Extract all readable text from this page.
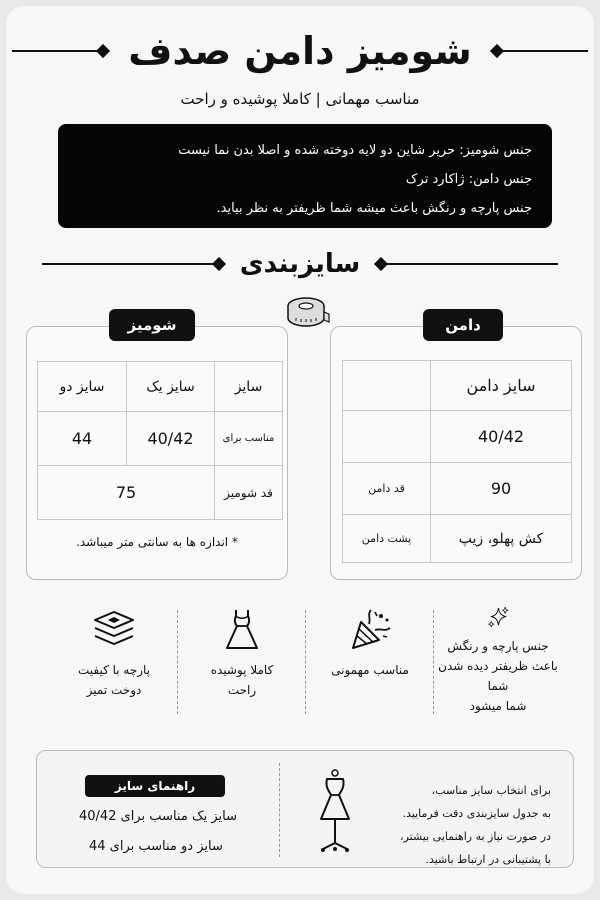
شومیز دامن صدف
مناسب مهمانی | کاملا پوشیده و راحت
جنس شومیز: حریر شاین دو لایه دوخته شده و اصلا بدن نما نیست
جنس دامن: ژاکارد ترک
جنس پارچه و رنگش باعث میشه شما ظریفتر به نظر بیاید.
سایزبندی
دامن
سایز دامن	
40/42	
90	قد دامن
کش پهلو، زیپ	پشت دامن
شومیز
سایز	سایز یک	سایز دو
مناسب برای	40/42	44
قد شومیز	75	
* اندازه ها به سانتی متر میباشد.
جنس پارچه و رنگش
باعث ظریفتر دیده شدن شما
شما میشود
مناسب مهمونی
کاملا پوشیده
راحت
پارچه با کیفیت
دوخت تمیز
برای انتخاب سایز مناسب،
به جدول سایزبندی دقت فرمایید.
در صورت نیاز به راهنمایی بیشتر،
با پشتیبانی در ارتباط باشید.
راهنمای سایز
سایز یک مناسب برای 40/42
سایز دو مناسب برای 44
